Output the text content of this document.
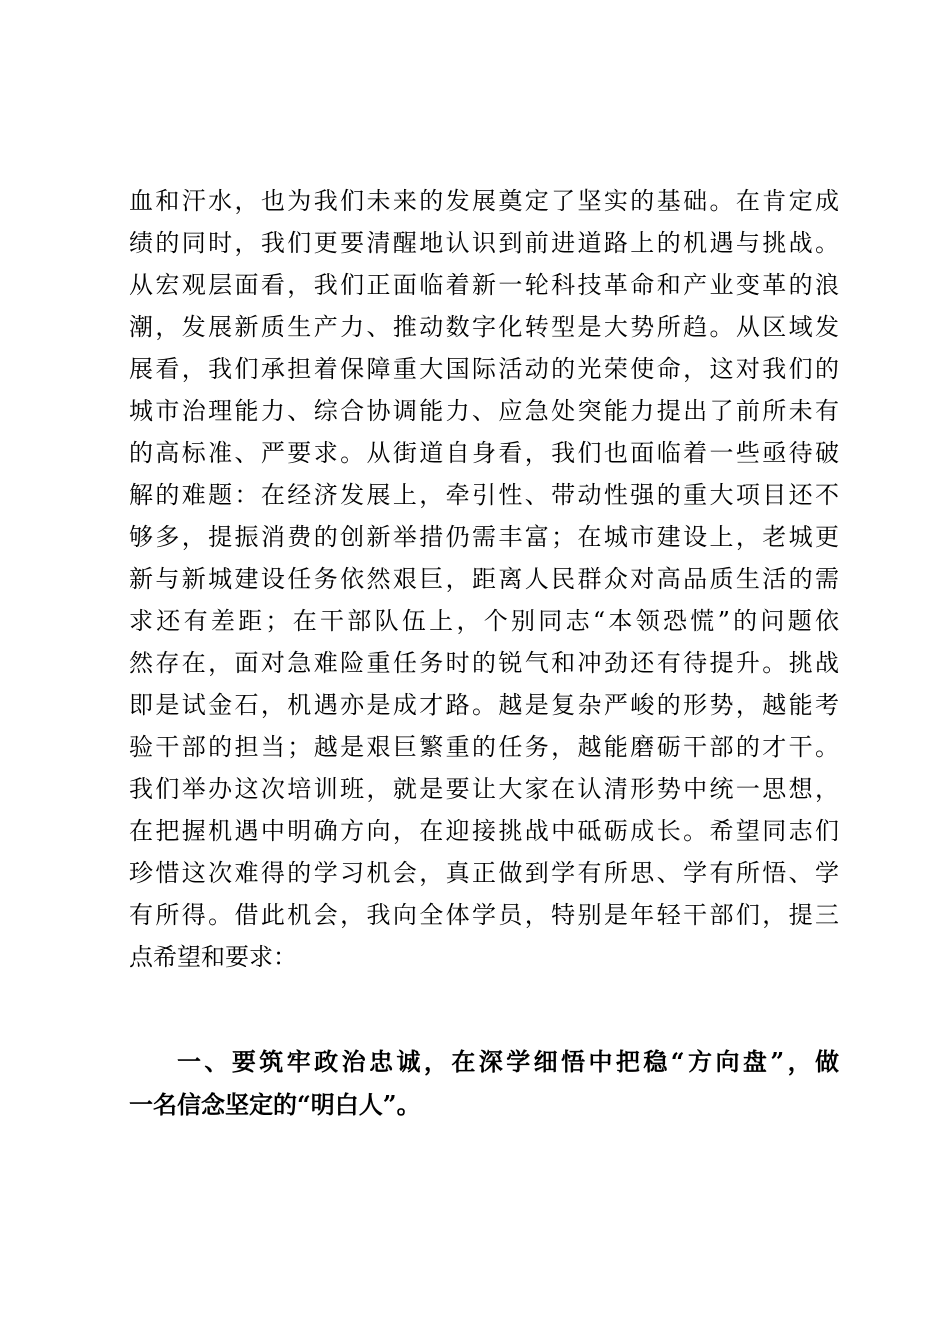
血和汗水，也为我们未来的发展奠定了坚实的基础。在肯定成
绩的同时，我们更要清醒地认识到前进道路上的机遇与挑战。
从宏观层面看，我们正面临着新一轮科技革命和产业变革的浪
潮，发展新质生产力、推动数字化转型是大势所趋。从区域发
展看，我们承担着保障重大国际活动的光荣使命，这对我们的
城市治理能力、综合协调能力、应急处突能力提出了前所未有
的高标准、严要求。从街道自身看，我们也面临着一些亟待破
解的难题：在经济发展上，牵引性、带动性强的重大项目还不
够多，提振消费的创新举措仍需丰富；在城市建设上，老城更
新与新城建设任务依然艰巨，距离人民群众对高品质生活的需
求还有差距；在干部队伍上，个别同志“本领恐慌”的问题依
然存在，面对急难险重任务时的锐气和冲劲还有待提升。挑战
即是试金石，机遇亦是成才路。越是复杂严峻的形势，越能考
验干部的担当；越是艰巨繁重的任务，越能磨砺干部的才干。
我们举办这次培训班，就是要让大家在认清形势中统一思想，
在把握机遇中明确方向，在迎接挑战中砥砺成长。希望同志们
珍惜这次难得的学习机会，真正做到学有所思、学有所悟、学
有所得。借此机会，我向全体学员，特别是年轻干部们，提三
点希望和要求：
一、要筑牢政治忠诚，在深学细悟中把稳“方向盘”，做
一名信念坚定的“明白人”。
